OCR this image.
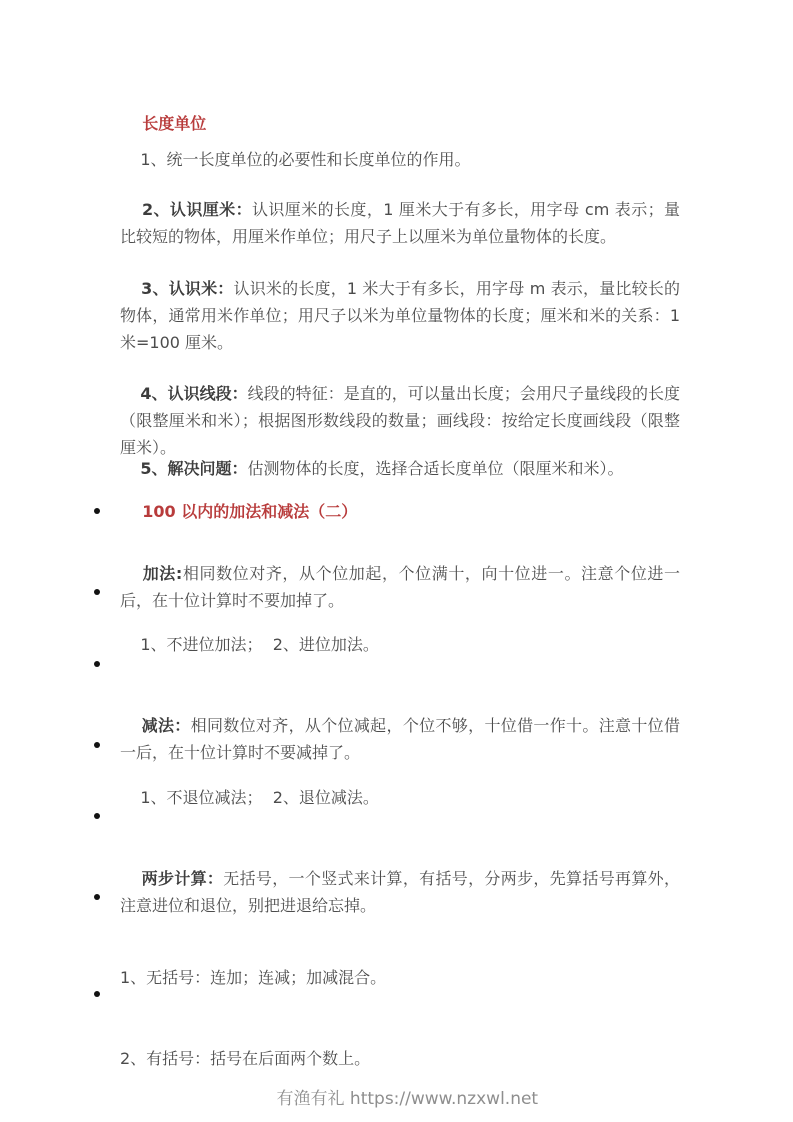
长度单位

1、统一长度单位的必要性和长度单位的作用。

2、认识厘米：认识厘米的长度，1 厘米大于有多长，用字母 cm 表示；量比较短的物体，用厘米作单位；用尺子上以厘米为单位量物体的长度。

3、认识米：认识米的长度，1 米大于有多长，用字母 m 表示，量比较长的物体，通常用米作单位；用尺子以米为单位量物体的长度；厘米和米的关系：1 米=100 厘米。

4、认识线段：线段的特征：是直的，可以量出长度；会用尺子量线段的长度（限整厘米和米）；根据图形数线段的数量；画线段：按给定长度画线段（限整厘米）。

5、解决问题：估测物体的长度，选择合适长度单位（限厘米和米）。

100 以内的加法和减法（二）

加法:相同数位对齐，从个位加起，个位满十，向十位进一。注意个位进一后，在十位计算时不要加掉了。

1、不进位加法；  2、进位加法。

减法：相同数位对齐，从个位减起，个位不够，十位借一作十。注意十位借一后，在十位计算时不要减掉了。

1、不退位减法；  2、退位减法。

两步计算：无括号，一个竖式来计算，有括号，分两步，先算括号再算外，注意进位和退位，别把进退给忘掉。

1、无括号：连加；连减；加减混合。

2、有括号：括号在后面两个数上。

有渔有礼 https://www.nzxwl.net
